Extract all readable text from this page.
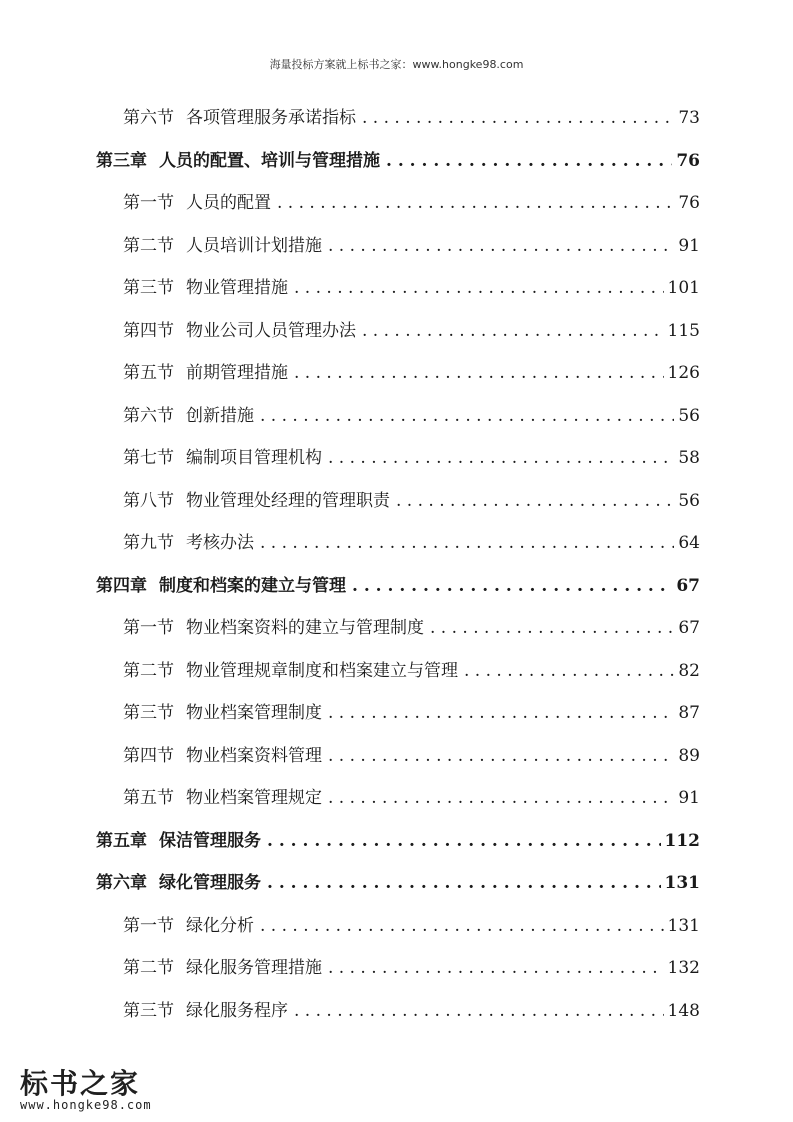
海量投标方案就上标书之家：www.hongke98.com
第六节 各项管理服务承诺指标 . . .	73
第三章 人员的配置、培训与管理措施 . . .	76
第一节 人员的配置 . . .	76
第二节 人员培训计划措施 . . .	91
第三节 物业管理措施 . . .	101
第四节 物业公司人员管理办法 . . .	115
第五节 前期管理措施 . . .	126
第六节 创新措施 . . .	56
第七节 编制项目管理机构 . . .	58
第八节 物业管理处经理的管理职责 . . .	56
第九节 考核办法 . . .	64
第四章 制度和档案的建立与管理 . . .	67
第一节 物业档案资料的建立与管理制度 . . .	67
第二节 物业管理规章制度和档案建立与管理 . . .	82
第三节 物业档案管理制度 . . .	87
第四节 物业档案资料管理 . . .	89
第五节 物业档案管理规定 . . .	91
第五章 保洁管理服务 . . .	112
第六章 绿化管理服务 . . .	131
第一节 绿化分析 . . .	131
第二节 绿化服务管理措施 . . .	132
第三节 绿化服务程序 . . .	148
标书之家
www.hongke98.com
